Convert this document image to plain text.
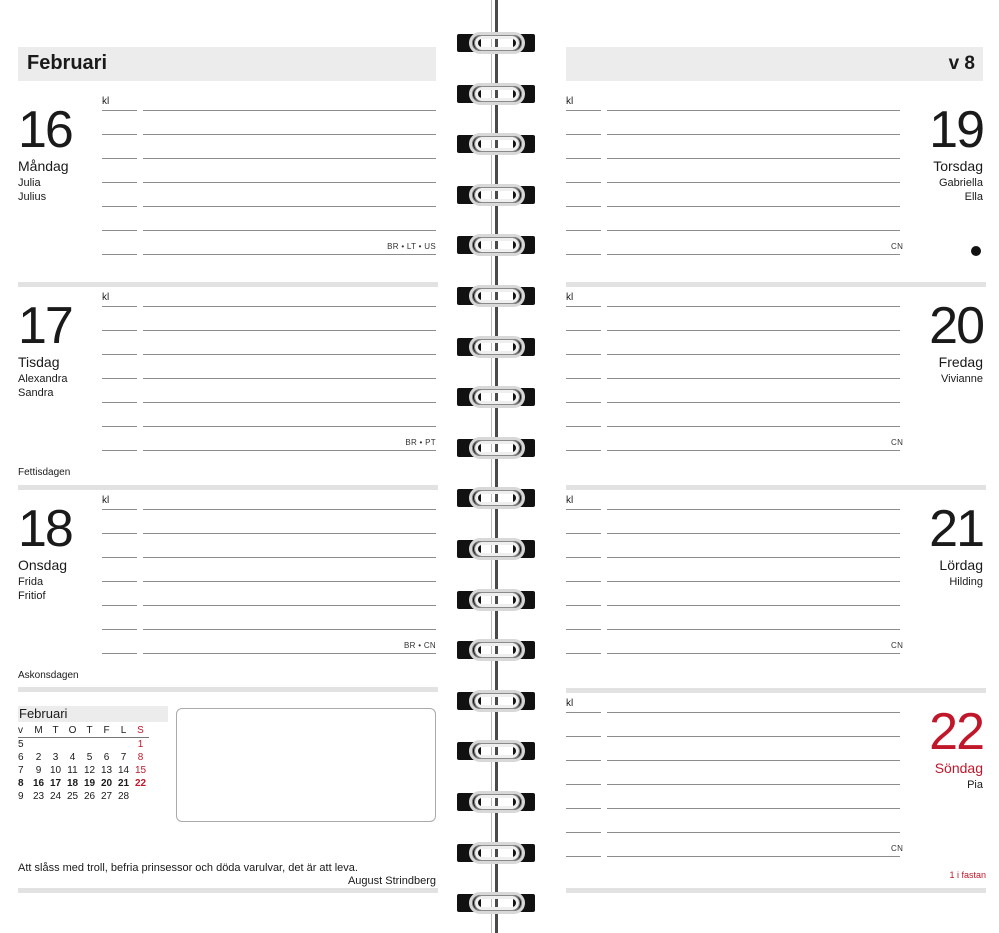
Februari	v 8
kl
16
Måndag
Julia
Julius
BR • LT • US
kl
17
Tisdag
Alexandra
Sandra
BR • PT
Fettisdagen
kl
18
Onsdag
Frida
Fritiof
BR • CN
Askonsdagen
Februari
v	M	T	O	T	F	L	S
5							1
6	2	3	4	5	6	7	8
7	9	10	11	12	13	14	15
8	16	17	18	19	20	21	22
9	23	24	25	26	27	28	
Att slåss med troll, befria prinsessor och döda varulvar, det är att leva.
August Strindberg
kl	19
Torsdag
Gabriella
Ella
CN
kl	20
Fredag
Vivianne
CN
kl	21
Lördag
Hilding
CN
kl	22
Söndag
Pia
CN
1 i fastan
